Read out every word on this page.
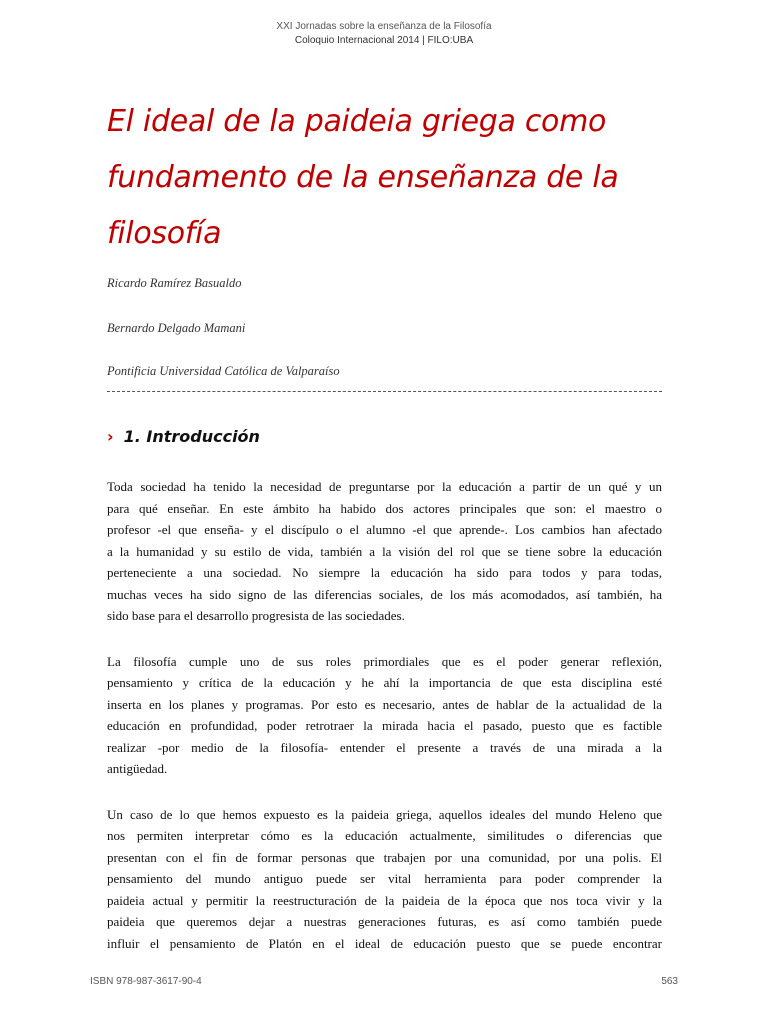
XXI Jornadas sobre la enseñanza de la Filosofía
Coloquio Internacional 2014 | FILO:UBA
El ideal de la paideia griega como
fundamento de la enseñanza de la
filosofía
Ricardo Ramírez Basualdo
Bernardo Delgado Mamani
Pontificia Universidad Católica de Valparaíso
› 1. Introducción

Toda sociedad ha tenido la necesidad de preguntarse por la educación a partir de un qué y un
para qué enseñar. En este ámbito ha habido dos actores principales que son: el maestro o
profesor -el que enseña- y el discípulo o el alumno -el que aprende-. Los cambios han afectado
a la humanidad y su estilo de vida, también a la visión del rol que se tiene sobre la educación
perteneciente a una sociedad. No siempre la educación ha sido para todos y para todas,
muchas veces ha sido signo de las diferencias sociales, de los más acomodados, así también, ha
sido base para el desarrollo progresista de las sociedades.

La filosofía cumple uno de sus roles primordiales que es el poder generar reflexión,
pensamiento y crítica de la educación y he ahí la importancia de que esta disciplina esté
inserta en los planes y programas. Por esto es necesario, antes de hablar de la actualidad de la
educación en profundidad, poder retrotraer la mirada hacia el pasado, puesto que es factible
realizar -por medio de la filosofía- entender el presente a través de una mirada a la
antigüedad.

Un caso de lo que hemos expuesto es la paideia griega, aquellos ideales del mundo Heleno que
nos permiten interpretar cómo es la educación actualmente, similitudes o diferencias que
presentan con el fin de formar personas que trabajen por una comunidad, por una polis. El
pensamiento del mundo antiguo puede ser vital herramienta para poder comprender la
paideia actual y permitir la reestructuración de la paideia de la época que nos toca vivir y la
paideia que queremos dejar a nuestras generaciones futuras, es así como también puede
influir el pensamiento de Platón en el ideal de educación puesto que se puede encontrar

ISBN 978-987-3617-90-4	563
